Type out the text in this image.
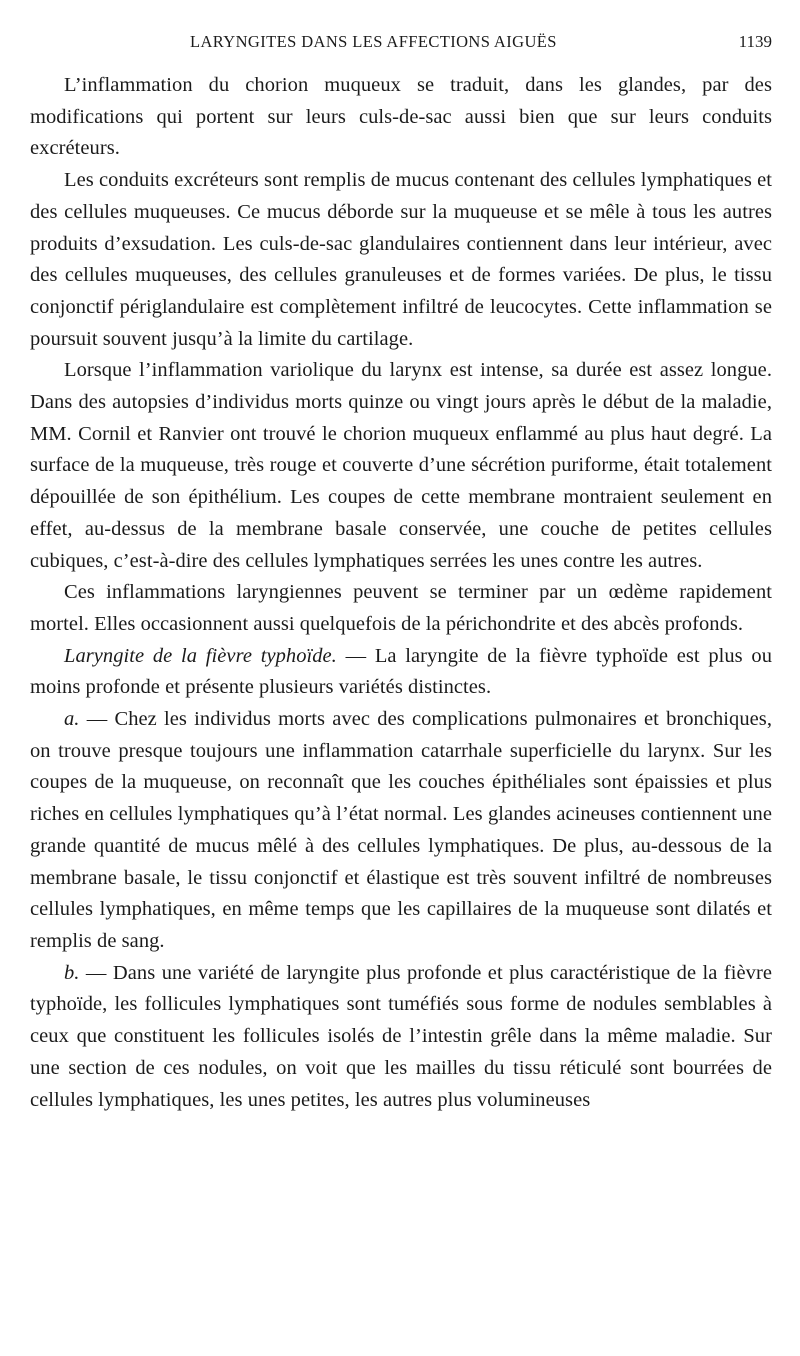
LARYNGITES DANS LES AFFECTIONS AIGUËS	1139

L’inflammation du chorion muqueux se traduit, dans les glandes, par des modifications qui portent sur leurs culs-de-sac aussi bien que sur leurs conduits excréteurs.

Les conduits excréteurs sont remplis de mucus contenant des cellules lymphatiques et des cellules muqueuses. Ce mucus déborde sur la muqueuse et se mêle à tous les autres produits d’exsudation. Les culs-de-sac glandulaires contiennent dans leur intérieur, avec des cellules muqueuses, des cellules granuleuses et de formes variées. De plus, le tissu conjonctif périglandulaire est complètement infiltré de leucocytes. Cette inflammation se poursuit souvent jusqu’à la limite du cartilage.

Lorsque l’inflammation variolique du larynx est intense, sa durée est assez longue. Dans des autopsies d’individus morts quinze ou vingt jours après le début de la maladie, MM. Cornil et Ranvier ont trouvé le chorion muqueux enflammé au plus haut degré. La surface de la muqueuse, très rouge et couverte d’une sécrétion puriforme, était totalement dépouillée de son épithélium. Les coupes de cette membrane montraient seulement en effet, au-dessus de la membrane basale conservée, une couche de petites cellules cubiques, c’est-à-dire des cellules lymphatiques serrées les unes contre les autres.

Ces inflammations laryngiennes peuvent se terminer par un œdème rapidement mortel. Elles occasionnent aussi quelquefois de la périchondrite et des abcès profonds.

Laryngite de la fièvre typhoïde. — La laryngite de la fièvre typhoïde est plus ou moins profonde et présente plusieurs variétés distinctes.

a. — Chez les individus morts avec des complications pulmonaires et bronchiques, on trouve presque toujours une inflammation catarrhale superficielle du larynx. Sur les coupes de la muqueuse, on reconnaît que les couches épithéliales sont épaissies et plus riches en cellules lymphatiques qu’à l’état normal. Les glandes acineuses contiennent une grande quantité de mucus mêlé à des cellules lymphatiques. De plus, au-dessous de la membrane basale, le tissu conjonctif et élastique est très souvent infiltré de nombreuses cellules lymphatiques, en même temps que les capillaires de la muqueuse sont dilatés et remplis de sang.

b. — Dans une variété de laryngite plus profonde et plus caractéristique de la fièvre typhoïde, les follicules lymphatiques sont tuméfiés sous forme de nodules semblables à ceux que constituent les follicules isolés de l’intestin grêle dans la même maladie. Sur une section de ces nodules, on voit que les mailles du tissu réticulé sont bourrées de cellules lymphatiques, les unes petites, les autres plus volumineuses
